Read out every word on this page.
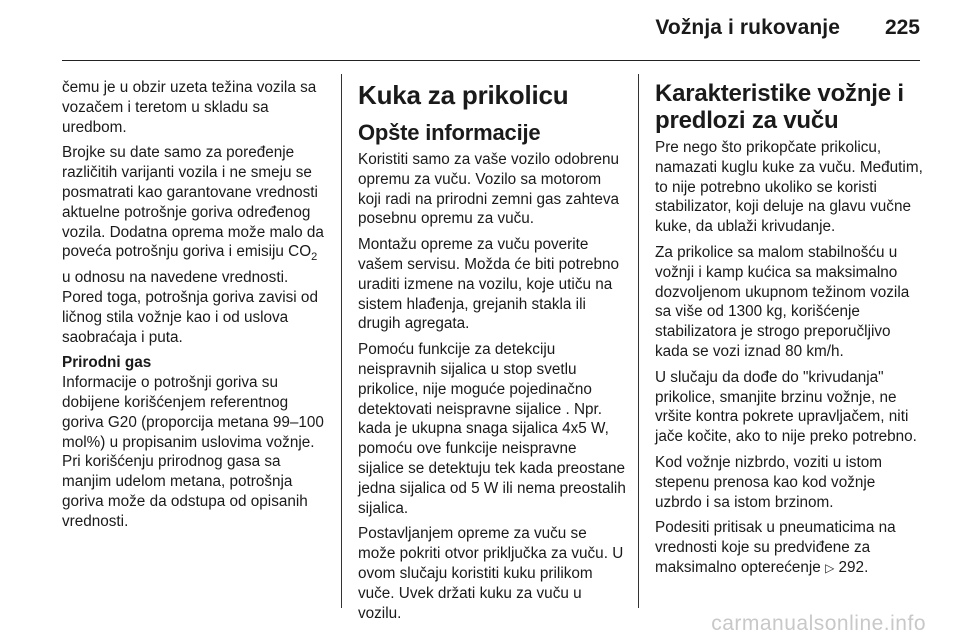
Vožnja i rukovanje 225

čemu je u obzir uzeta težina vozila sa vozačem i teretom u skladu sa uredbom.

Brojke su date samo za poređenje različitih varijanti vozila i ne smeju se posmatrati kao garantovane vrednosti aktuelne potrošnje goriva određenog vozila. Dodatna oprema može malo da poveća potrošnju goriva i emisiju $CO_2$ u odnosu na navedene vrednosti. Pored toga, potrošnja goriva zavisi od ličnog stila vožnje kao i od uslova saobraćaja i puta.

Prirodni gas

Informacije o potrošnji goriva su dobijene korišćenjem referentnog goriva G20 (proporcija metana 99–100 mol%) u propisanim uslovima vožnje. Pri korišćenju prirodnog gasa sa manjim udelom metana, potrošnja goriva može da odstupa od opisanih vrednosti.

Kuka za prikolicu
Opšte informacije

Koristiti samo za vaše vozilo odobrenu opremu za vuču. Vozilo sa motorom koji radi na prirodni zemni gas zahteva posebnu opremu za vuču.

Montažu opreme za vuču poverite vašem servisu. Možda će biti potrebno uraditi izmene na vozilu, koje utiču na sistem hlađenja, grejanih stakla ili drugih agregata.

Pomoću funkcije za detekciju neispravnih sijalica u stop svetlu prikolice, nije moguće pojedinačno detektovati neispravne sijalice . Npr. kada je ukupna snaga sijalica 4x5 W, pomoću ove funkcije neispravne sijalice se detektuju tek kada preostane jedna sijalica od 5 W ili nema preostalih sijalica.

Postavljanjem opreme za vuču se može pokriti otvor priključka za vuču. U ovom slučaju koristiti kuku prilikom vuče. Uvek držati kuku za vuču u vozilu.

Karakteristike vožnje i predlozi za vuču

Pre nego što prikopčate prikolicu, namazati kuglu kuke za vuču. Međutim, to nije potrebno ukoliko se koristi stabilizator, koji deluje na glavu vučne kuke, da ublaži krivudanje.

Za prikolice sa malom stabilnošću u vožnji i kamp kućica sa maksimalno dozvoljenom ukupnom težinom vozila sa više od 1300 kg, korišćenje stabilizatora je strogo preporučljivo kada se vozi iznad 80 km/h.

U slučaju da dođe do "krivudanja" prikolice, smanjite brzinu vožnje, ne vršite kontra pokrete upravljačem, niti jače kočite, ako to nije preko potrebno.

Kod vožnje nizbrdo, voziti u istom stepenu prenosa kao kod vožnje uzbrdo i sa istom brzinom.

Podesiti pritisak u pneumaticima na vrednosti koje su predviđene za maksimalno opterećenje ▷ 292.

carmanualsonline.info
